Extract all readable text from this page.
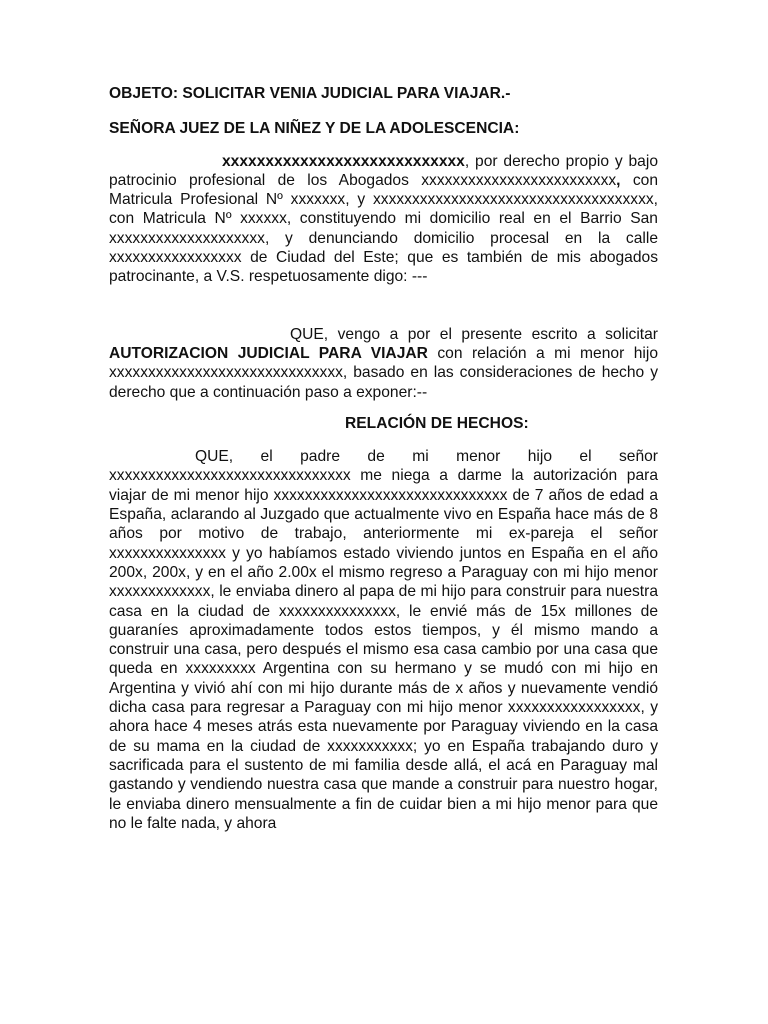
OBJETO: SOLICITAR VENIA JUDICIAL PARA VIAJAR.-

SEÑORA JUEZ DE LA NIÑEZ Y DE LA ADOLESCENCIA:

xxxxxxxxxxxxxxxxxxxxxxxxxxxx, por derecho propio y bajo patrocinio profesional de los Abogados xxxxxxxxxxxxxxxxxxxxxxxxx, con Matricula Profesional Nº xxxxxxx, y xxxxxxxxxxxxxxxxxxxxxxxxxxxxxxxxxxxx, con Matricula Nº xxxxxx, constituyendo mi domicilio real en el Barrio San xxxxxxxxxxxxxxxxxxxx, y denunciando domicilio procesal en la calle xxxxxxxxxxxxxxxxx de Ciudad del Este; que es también de mis abogados patrocinante, a V.S. respetuosamente digo: ---

QUE, vengo a por el presente escrito a solicitar AUTORIZACION JUDICIAL PARA VIAJAR con relación a mi menor hijo xxxxxxxxxxxxxxxxxxxxxxxxxxxxxx, basado en las consideraciones de hecho y derecho que a continuación paso a exponer:--

RELACIÓN DE HECHOS:

QUE, el padre de mi menor hijo el señor xxxxxxxxxxxxxxxxxxxxxxxxxxxxxxx me niega a darme la autorización para viajar de mi menor hijo xxxxxxxxxxxxxxxxxxxxxxxxxxxxxx de 7 años de edad a España, aclarando al Juzgado que actualmente vivo en España hace más de 8 años por motivo de trabajo, anteriormente mi ex-pareja el señor xxxxxxxxxxxxxxx y yo habíamos estado viviendo juntos en España en el año 200x, 200x, y en el año 2.00x el mismo regreso a Paraguay con mi hijo menor xxxxxxxxxxxxx, le enviaba dinero al papa de mi hijo para construir para nuestra casa en la ciudad de xxxxxxxxxxxxxxx, le envié más de 15x millones de guaraníes aproximadamente todos estos tiempos, y él mismo mando a construir una casa, pero después el mismo esa casa cambio por una casa que queda en xxxxxxxxx Argentina con su hermano y se mudó con mi hijo en Argentina y vivió ahí con mi hijo durante más de x años y nuevamente vendió dicha casa para regresar a Paraguay con mi hijo menor xxxxxxxxxxxxxxxxx, y ahora hace 4 meses atrás esta nuevamente por Paraguay viviendo en la casa de su mama en la ciudad de xxxxxxxxxxx; yo en España trabajando duro y sacrificada para el sustento de mi familia desde allá, el acá en Paraguay mal gastando y vendiendo nuestra casa que mande a construir para nuestro hogar, le enviaba dinero mensualmente a fin de cuidar bien a mi hijo menor para que no le falte nada, y ahora
